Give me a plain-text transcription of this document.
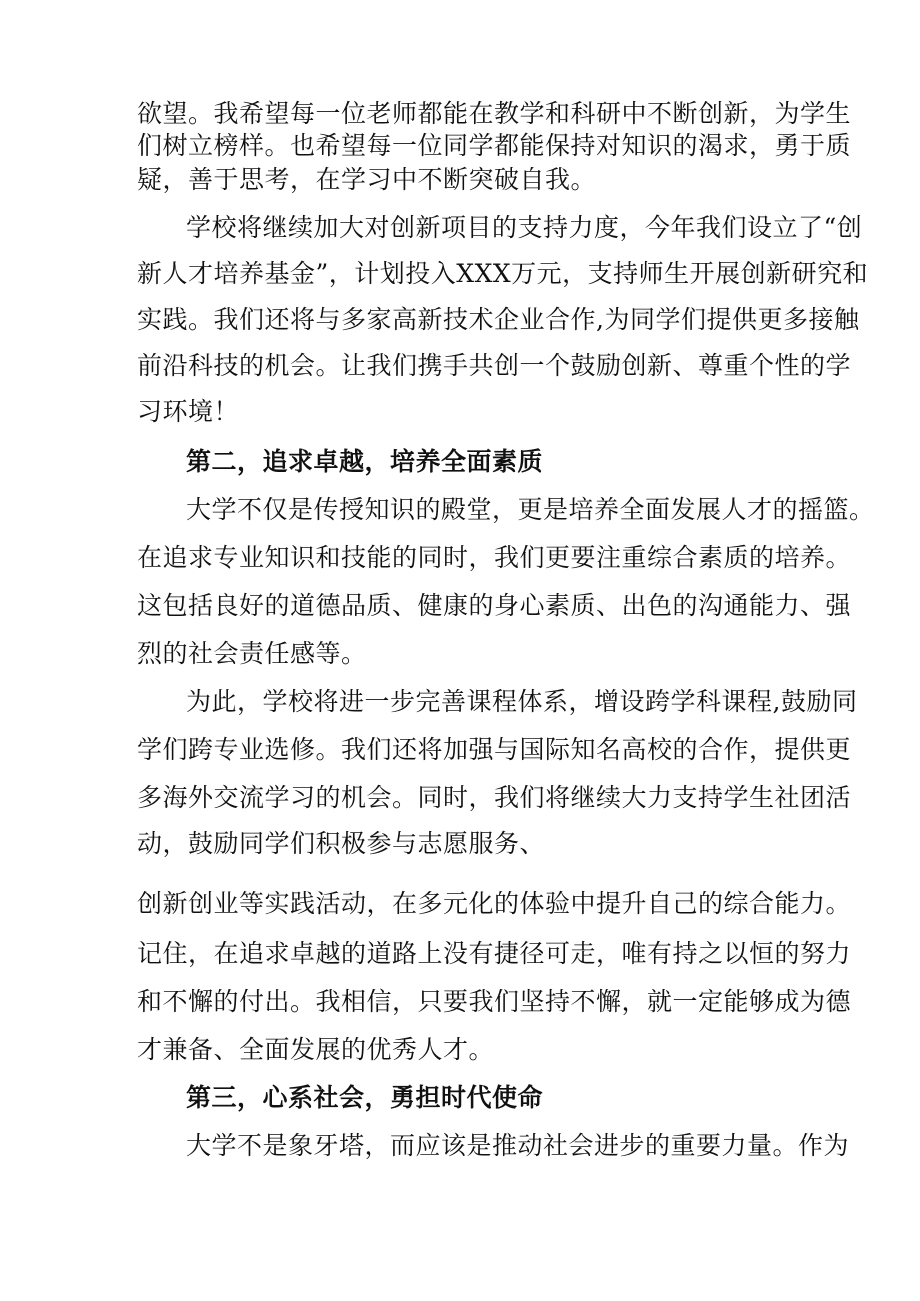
欲望。我希望每一位老师都能在教学和科研中不断创新，为学生
们树立榜样。也希望每一位同学都能保持对知识的渴求，勇于质
疑，善于思考，在学习中不断突破自我。
学校将继续加大对创新项目的支持力度，今年我们设立了“创
新人才培养基金”，计划投入XXX万元，支持师生开展创新研究和
实践。我们还将与多家高新技术企业合作,为同学们提供更多接触
前沿科技的机会。让我们携手共创一个鼓励创新、尊重个性的学
习环境！
第二，追求卓越，培养全面素质
大学不仅是传授知识的殿堂，更是培养全面发展人才的摇篮。
在追求专业知识和技能的同时，我们更要注重综合素质的培养。
这包括良好的道德品质、健康的身心素质、出色的沟通能力、强
烈的社会责任感等。
为此，学校将进一步完善课程体系，增设跨学科课程,鼓励同
学们跨专业选修。我们还将加强与国际知名高校的合作，提供更
多海外交流学习的机会。同时，我们将继续大力支持学生社团活
动，鼓励同学们积极参与志愿服务、
创新创业等实践活动，在多元化的体验中提升自己的综合能力。
记住，在追求卓越的道路上没有捷径可走，唯有持之以恒的努力
和不懈的付出。我相信，只要我们坚持不懈，就一定能够成为德
才兼备、全面发展的优秀人才。
第三，心系社会，勇担时代使命
大学不是象牙塔，而应该是推动社会进步的重要力量。作为
